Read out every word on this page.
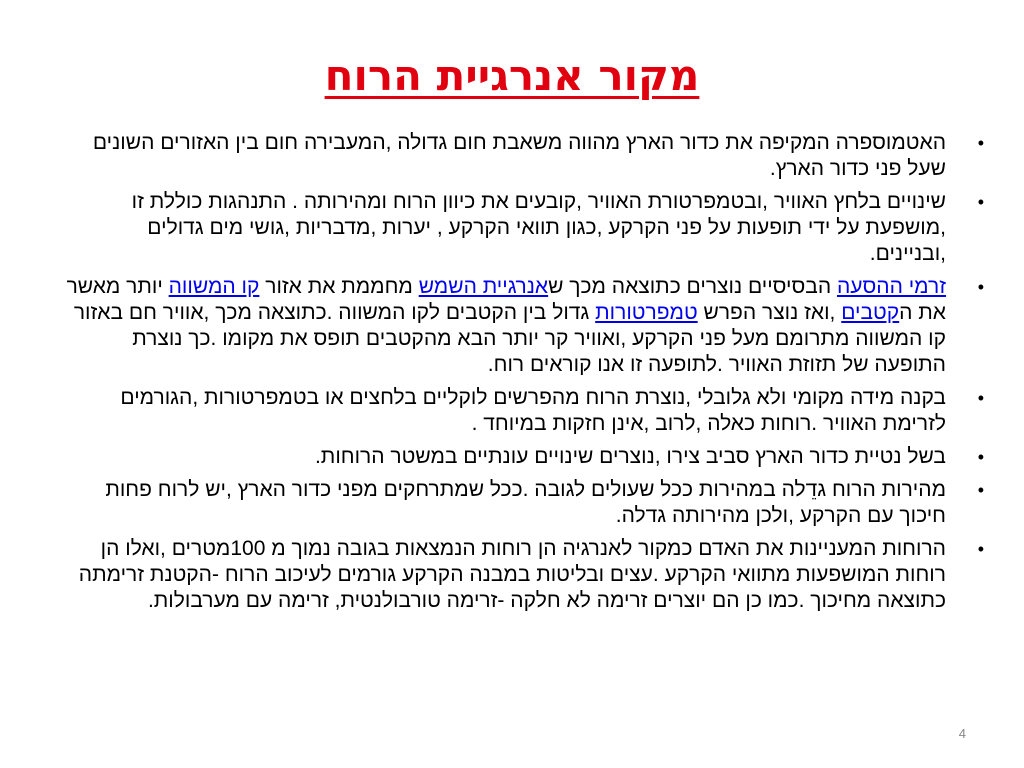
מקור אנרגיית הרוח
•
האטמוספרה המקיפה את כדור הארץ מהווה משאבת חום גדולה ,המעבירה חום בין האזורים השונים שעל פני כדור הארץ.
•
שינויים בלחץ האוויר ,ובטמפרטורת האוויר ,קובעים את כיוון הרוח ומהירותה . התנהגות כוללת זו ,מושפעת על ידי תופעות על פני הקרקע ,כגון תוואי הקרקע , יערות ,מדבריות ,גושי מים גדולים ,ובניינים.
•
זרמי ההסעה הבסיסיים נוצרים כתוצאה מכך שאנרגיית השמש מחממת את אזור קו המשווה יותר מאשר את הקטבים ,ואז נוצר הפרש טמפרטורות גדול בין הקטבים לקו המשווה .כתוצאה מכך ,אוויר חם באזור קו המשווה מתרומם מעל פני הקרקע ,ואוויר קר יותר הבא מהקטבים תופס את מקומו .כך נוצרת התופעה של תזוזת האוויר .לתופעה זו אנו קוראים רוח.
•
בקנה מידה מקומי ולא גלובלי ,נוצרת הרוח מהפרשים לוקליים בלחצים או בטמפרטורות ,הגורמים לזרימת האוויר .רוחות כאלה ,לרוב ,אינן חזקות במיוחד .
•
בשל נטיית כדור הארץ סביב צירו ,נוצרים שינויים עונתיים במשטר הרוחות.
•
מהירות הרוח גדֵלה במהירות ככל שעולים לגובה .ככל שמתרחקים מפני כדור הארץ ,יש לרוח פחות חיכוך עם הקרקע ,ולכן מהירותה גדלה.
•
הרוחות המעניינות את האדם כמקור לאנרגיה הן רוחות הנמצאות בגובה נמוך מ 100מטרים ,ואלו הן רוחות המושפעות מתוואי הקרקע .עצים ובליטות במבנה הקרקע גורמים לעיכוב הרוח -הקטנת זרימתה כתוצאה מחיכוך .כמו כן הם יוצרים זרימה לא חלקה -זרימה טורבולנטית, זרימה עם מערבולות.
4
